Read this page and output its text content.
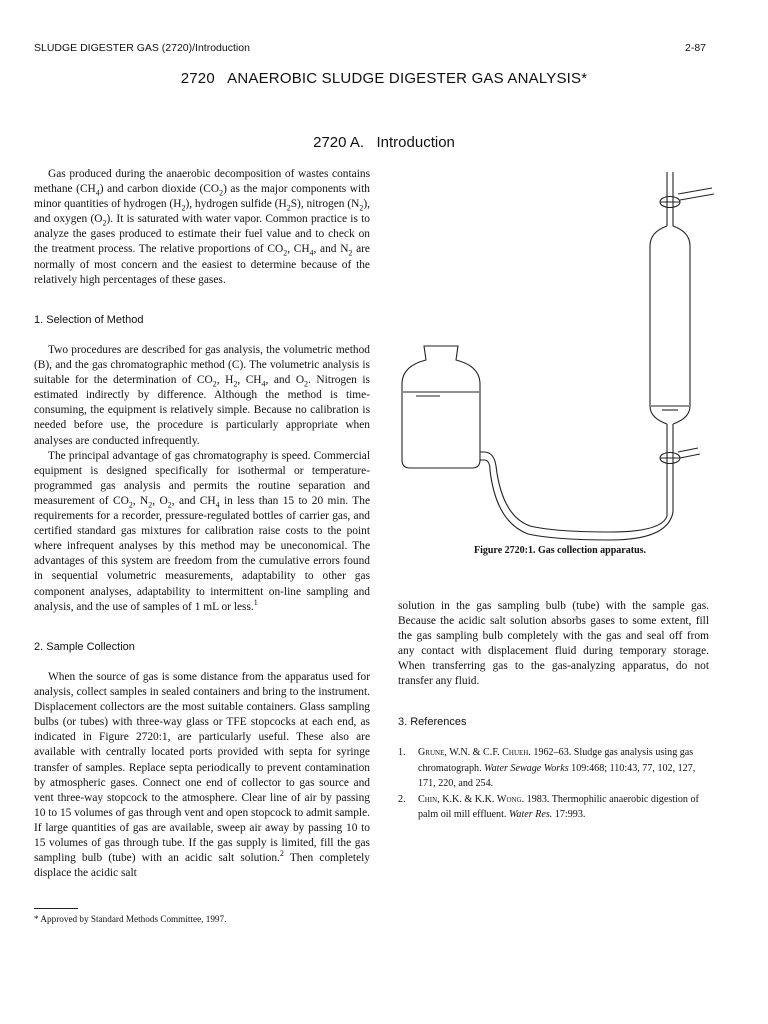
SLUDGE DIGESTER GAS (2720)/Introduction	2-87
2720   ANAEROBIC SLUDGE DIGESTER GAS ANALYSIS*
2720 A.   Introduction

Gas produced during the anaerobic decomposition of wastes contains methane $(CH_4)$ and carbon dioxide $(CO_2)$ as the major components with minor quantities of hydrogen $(H_2)$, hydrogen sulfide $(H_2S)$, nitrogen $(N_2)$, and oxygen $(O_2)$. It is saturated with water vapor. Common practice is to analyze the gases produced to estimate their fuel value and to check on the treatment process. The relative proportions of $CO_2$, $CH_4$, and $N_2$ are normally of most concern and the easiest to determine because of the relatively high percentages of these gases.

1. Selection of Method

Two procedures are described for gas analysis, the volumetric method (B), and the gas chromatographic method (C). The volumetric analysis is suitable for the determination of $CO_2$, $H_2$, $CH_4$, and $O_2$. Nitrogen is estimated indirectly by difference. Although the method is time-consuming, the equipment is relatively simple. Because no calibration is needed before use, the procedure is particularly appropriate when analyses are conducted infrequently.

The principal advantage of gas chromatography is speed. Commercial equipment is designed specifically for isothermal or temperature-programmed gas analysis and permits the routine separation and measurement of $CO_2$, $N_2$, $O_2$, and $CH_4$ in less than 15 to 20 min. The requirements for a recorder, pressure-regulated bottles of carrier gas, and certified standard gas mixtures for calibration raise costs to the point where infrequent analyses by this method may be uneconomical. The advantages of this system are freedom from the cumulative errors found in sequential volumetric measurements, adaptability to other gas component analyses, adaptability to intermittent on-line sampling and analysis, and the use of samples of 1 mL or less.$^1$

2. Sample Collection

When the source of gas is some distance from the apparatus used for analysis, collect samples in sealed containers and bring to the instrument. Displacement collectors are the most suitable containers. Glass sampling bulbs (or tubes) with three-way glass or TFE stopcocks at each end, as indicated in Figure 2720:1, are particularly useful. These also are available with centrally located ports provided with septa for syringe transfer of samples. Replace septa periodically to prevent contamination by atmospheric gases. Connect one end of collector to gas source and vent three-way stopcock to the atmosphere. Clear line of air by passing 10 to 15 volumes of gas through vent and open stopcock to admit sample. If large quantities of gas are available, sweep air away by passing 10 to 15 volumes of gas through tube. If the gas supply is limited, fill the gas sampling bulb (tube) with an acidic salt solution.$^2$ Then completely displace the acidic salt

* Approved by Standard Methods Committee, 1997.
Figure 2720:1. Gas collection apparatus.

solution in the gas sampling bulb (tube) with the sample gas. Because the acidic salt solution absorbs gases to some extent, fill the gas sampling bulb completely with the gas and seal off from any contact with displacement fluid during temporary storage. When transferring gas to the gas-analyzing apparatus, do not transfer any fluid.

3. References
1. Grune, W.N. & C.F. Chueh. 1962–63. Sludge gas analysis using gas chromatograph. Water Sewage Works 109:468; 110:43, 77, 102, 127, 171, 220, and 254.
2. Chin, K.K. & K.K. Wong. 1983. Thermophilic anaerobic digestion of palm oil mill effluent. Water Res. 17:993.
